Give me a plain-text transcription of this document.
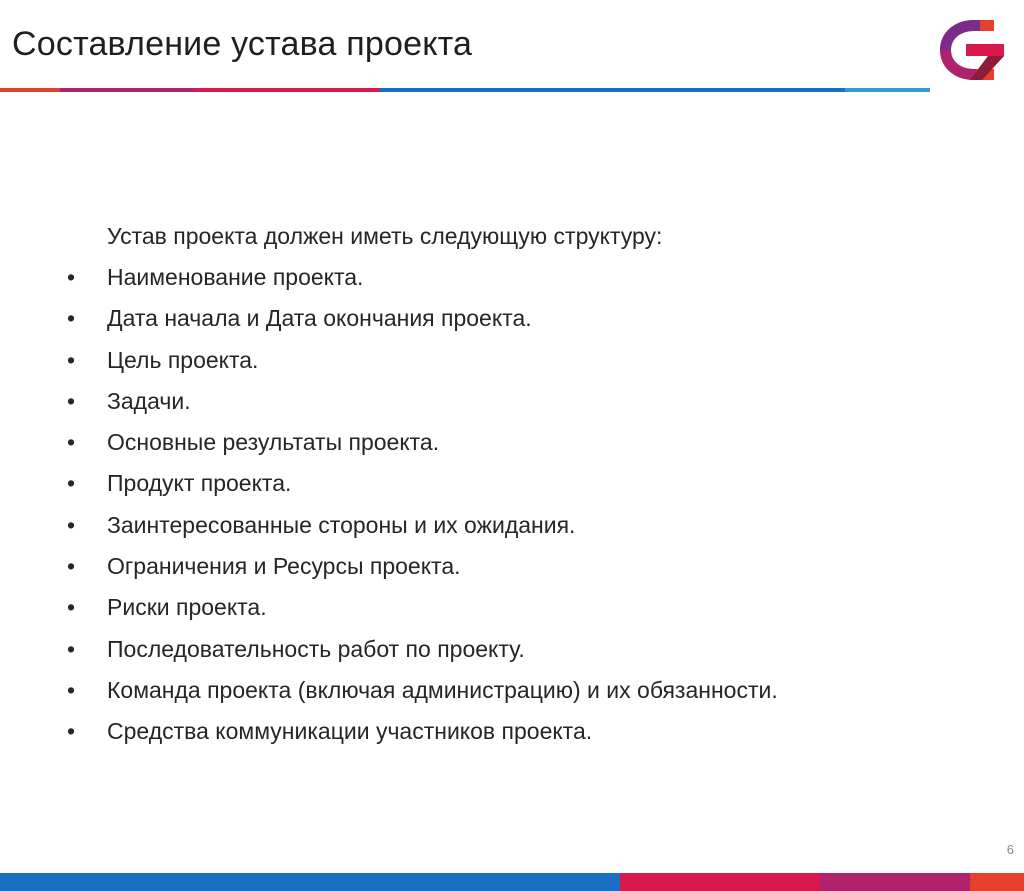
Составление устава проекта
Устав проекта должен иметь следующую структуру:
•	Наименование проекта.
•	Дата начала и Дата окончания проекта.
•	Цель проекта.
•	Задачи.
•	Основные результаты проекта.
•	Продукт проекта.
•	Заинтересованные стороны и их ожидания.
•	Ограничения и Ресурсы проекта.
•	Риски проекта.
•	Последовательность работ по проекту.
•	Команда проекта (включая администрацию) и их обязанности.
•	Средства коммуникации участников проекта.
6
